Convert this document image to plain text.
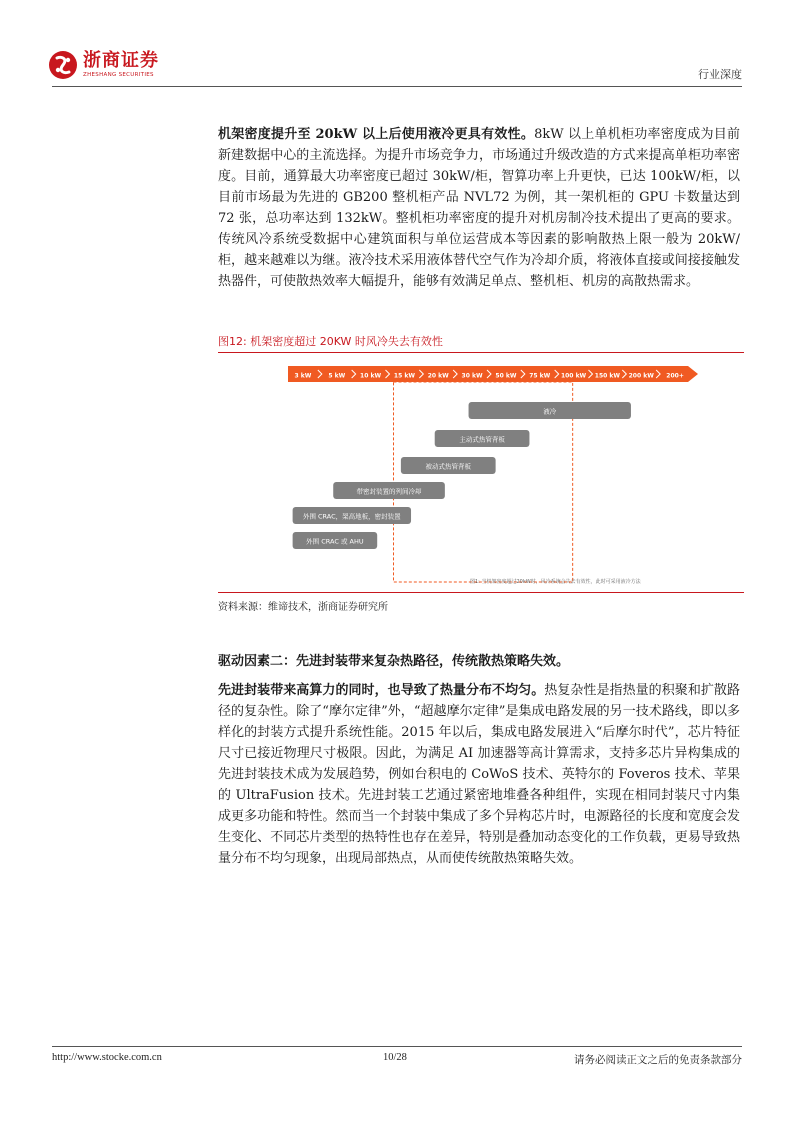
浙商证券
ZHESHANG SECURITIES	行业深度
机架密度提升至 20kW 以上后使用液冷更具有效性。8kW 以上单机柜功率密度成为目前新建数据中心的主流选择。为提升市场竞争力，市场通过升级改造的方式来提高单柜功率密度。目前，通算最大功率密度已超过 30kW/柜，智算功率上升更快，已达 100kW/柜，以目前市场最为先进的 GB200 整机柜产品 NVL72 为例，其一架机柜的 GPU 卡数量达到 72 张，总功率达到 132kW。整机柜功率密度的提升对机房制冷技术提出了更高的要求。传统风冷系统受数据中心建筑面积与单位运营成本等因素的影响散热上限一般为 20kW/柜，越来越难以为继。液冷技术采用液体替代空气作为冷却介质，将液体直接或间接接触发热器件，可使散热效率大幅提升，能够有效满足单点、整机柜、机房的高散热需求。
图12: 机架密度超过 20KW 时风冷失去有效性
3 kW	5 kW 10 kW 15 kW 20 kW 30 kW 50 kW 75 kW 100 kW 150 kW 200 kW 200+
液冷
主动式热管背板
被动式热管背板
带密封装置的列间冷却
外围 CRAC，架高地板，密封装置
外围 CRAC 或 AHU
图1: 当机架密度超过20kW时，风冷系统会失去有效性，此时可采用液冷方法
资料来源：维谛技术，浙商证券研究所
驱动因素二：先进封装带来复杂热路径，传统散热策略失效。
先进封装带来高算力的同时，也导致了热量分布不均匀。热复杂性是指热量的积聚和扩散路径的复杂性。除了“摩尔定律”外，“超越摩尔定律”是集成电路发展的另一技术路线，即以多样化的封装方式提升系统性能。2015 年以后，集成电路发展进入“后摩尔时代”，芯片特征尺寸已接近物理尺寸极限。因此，为满足 AI 加速器等高计算需求，支持多芯片异构集成的先进封装技术成为发展趋势，例如台积电的 CoWoS 技术、英特尔的 Foveros 技术、苹果的 UltraFusion 技术。先进封装工艺通过紧密地堆叠各种组件，实现在相同封装尺寸内集成更多功能和特性。然而当一个封装中集成了多个异构芯片时，电源路径的长度和宽度会发生变化、不同芯片类型的热特性也存在差异，特别是叠加动态变化的工作负载，更易导致热量分布不均匀现象，出现局部热点，从而使传统散热策略失效。
http://www.stocke.com.cn	10/28	请务必阅读正文之后的免责条款部分
